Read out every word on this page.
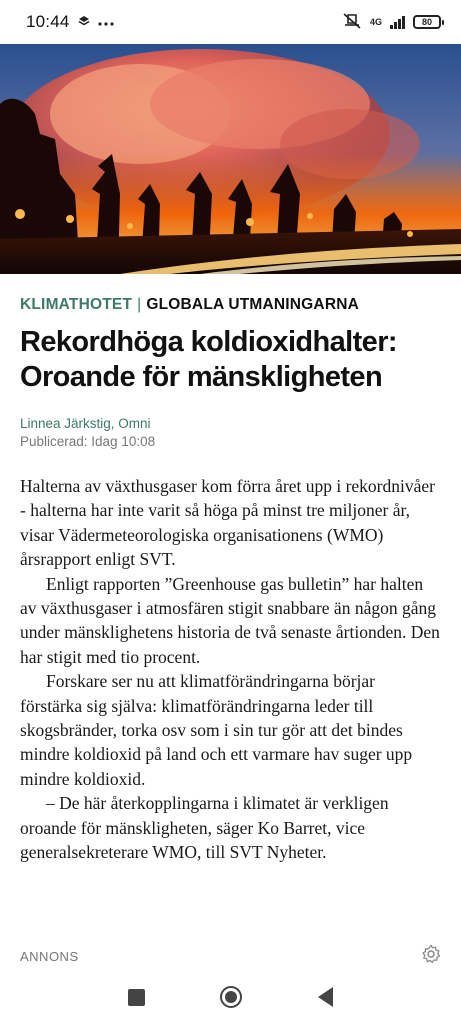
10:44	4G	80
KLIMATHOTET | GLOBALA UTMANINGARNA
Rekordhöga koldioxidhalter: Oroande för mänskligheten
Linnea Järkstig, Omni
Publicerad: Idag 10:08

Halterna av växthusgaser kom förra året upp i rekordnivåer - halterna har inte varit så höga på minst tre miljoner år, visar Vädermeteorologiska organisationens (WMO) årsrapport enligt SVT.

Enligt rapporten ”Greenhouse gas bulletin” har halten av växthusgaser i atmosfären stigit snabbare än någon gång under mänsklighetens historia de två senaste årtionden. Den har stigit med tio procent.

Forskare ser nu att klimatförändringarna börjar förstärka sig själva: klimatförändringarna leder till skogsbränder, torka osv som i sin tur gör att det bindes mindre koldioxid på land och ett varmare hav suger upp mindre koldioxid.

– De här återkopplingarna i klimatet är verkligen oroande för mänskligheten, säger Ko Barret, vice generalsekreterare WMO, till SVT Nyheter.

ANNONS
